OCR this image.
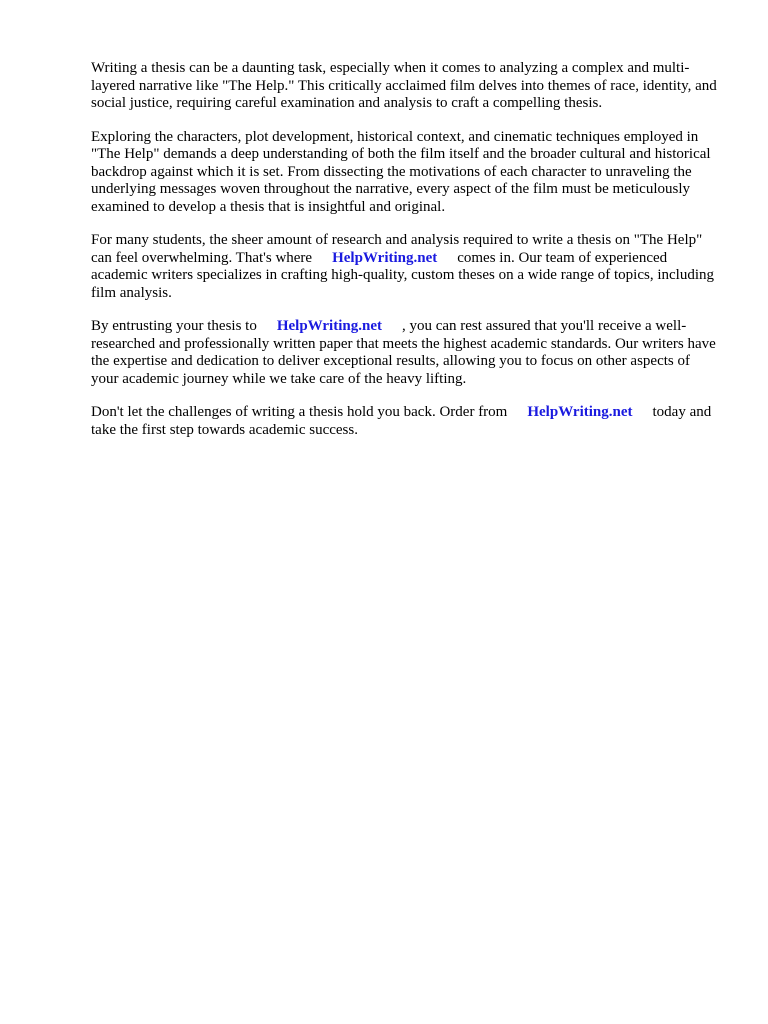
Writing a thesis can be a daunting task, especially when it comes to analyzing a complex and multi-layered narrative like "The Help." This critically acclaimed film delves into themes of race, identity, and social justice, requiring careful examination and analysis to craft a compelling thesis.

Exploring the characters, plot development, historical context, and cinematic techniques employed in "The Help" demands a deep understanding of both the film itself and the broader cultural and historical backdrop against which it is set. From dissecting the motivations of each character to unraveling the underlying messages woven throughout the narrative, every aspect of the film must be meticulously examined to develop a thesis that is insightful and original.

For many students, the sheer amount of research and analysis required to write a thesis on "The Help" can feel overwhelming. That's where HelpWriting.net comes in. Our team of experienced academic writers specializes in crafting high-quality, custom theses on a wide range of topics, including film analysis.

By entrusting your thesis to HelpWriting.net , you can rest assured that you'll receive a well-researched and professionally written paper that meets the highest academic standards. Our writers have the expertise and dedication to deliver exceptional results, allowing you to focus on other aspects of your academic journey while we take care of the heavy lifting.

Don't let the challenges of writing a thesis hold you back. Order from HelpWriting.net today and take the first step towards academic success.
